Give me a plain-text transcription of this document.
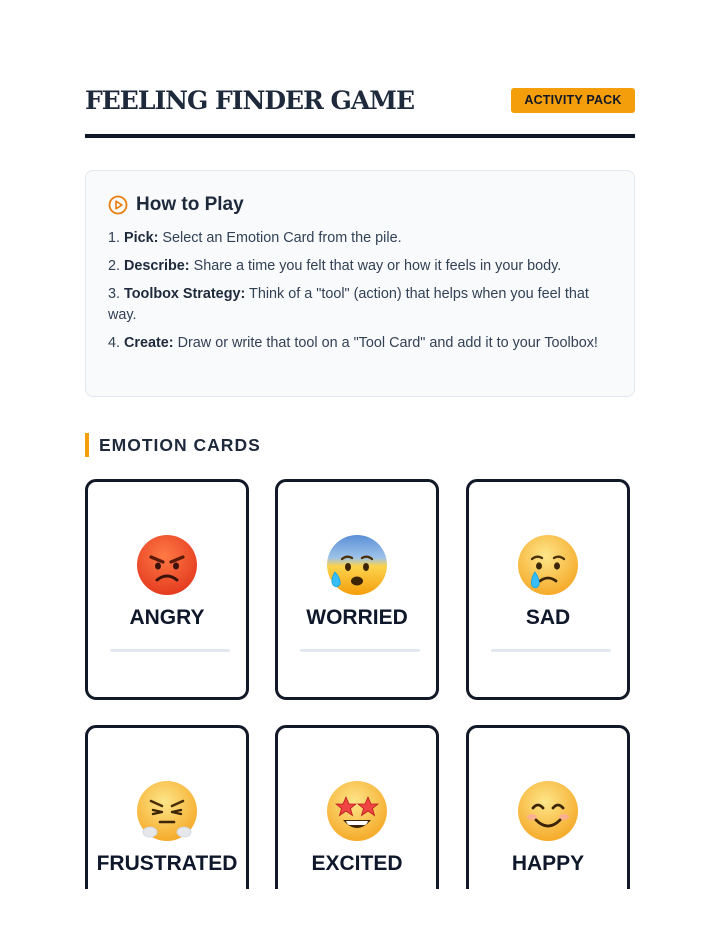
FEELING FINDER GAME	ACTIVITY PACK
How to Play
1. Pick: Select an Emotion Card from the pile.
2. Describe: Share a time you felt that way or how it feels in your body.
3. Toolbox Strategy: Think of a "tool" (action) that helps when you feel that way.
4. Create: Draw or write that tool on a "Tool Card" and add it to your Toolbox!
EMOTION CARDS
ANGRY	WORRIED	SAD
FRUSTRATED	EXCITED	HAPPY
